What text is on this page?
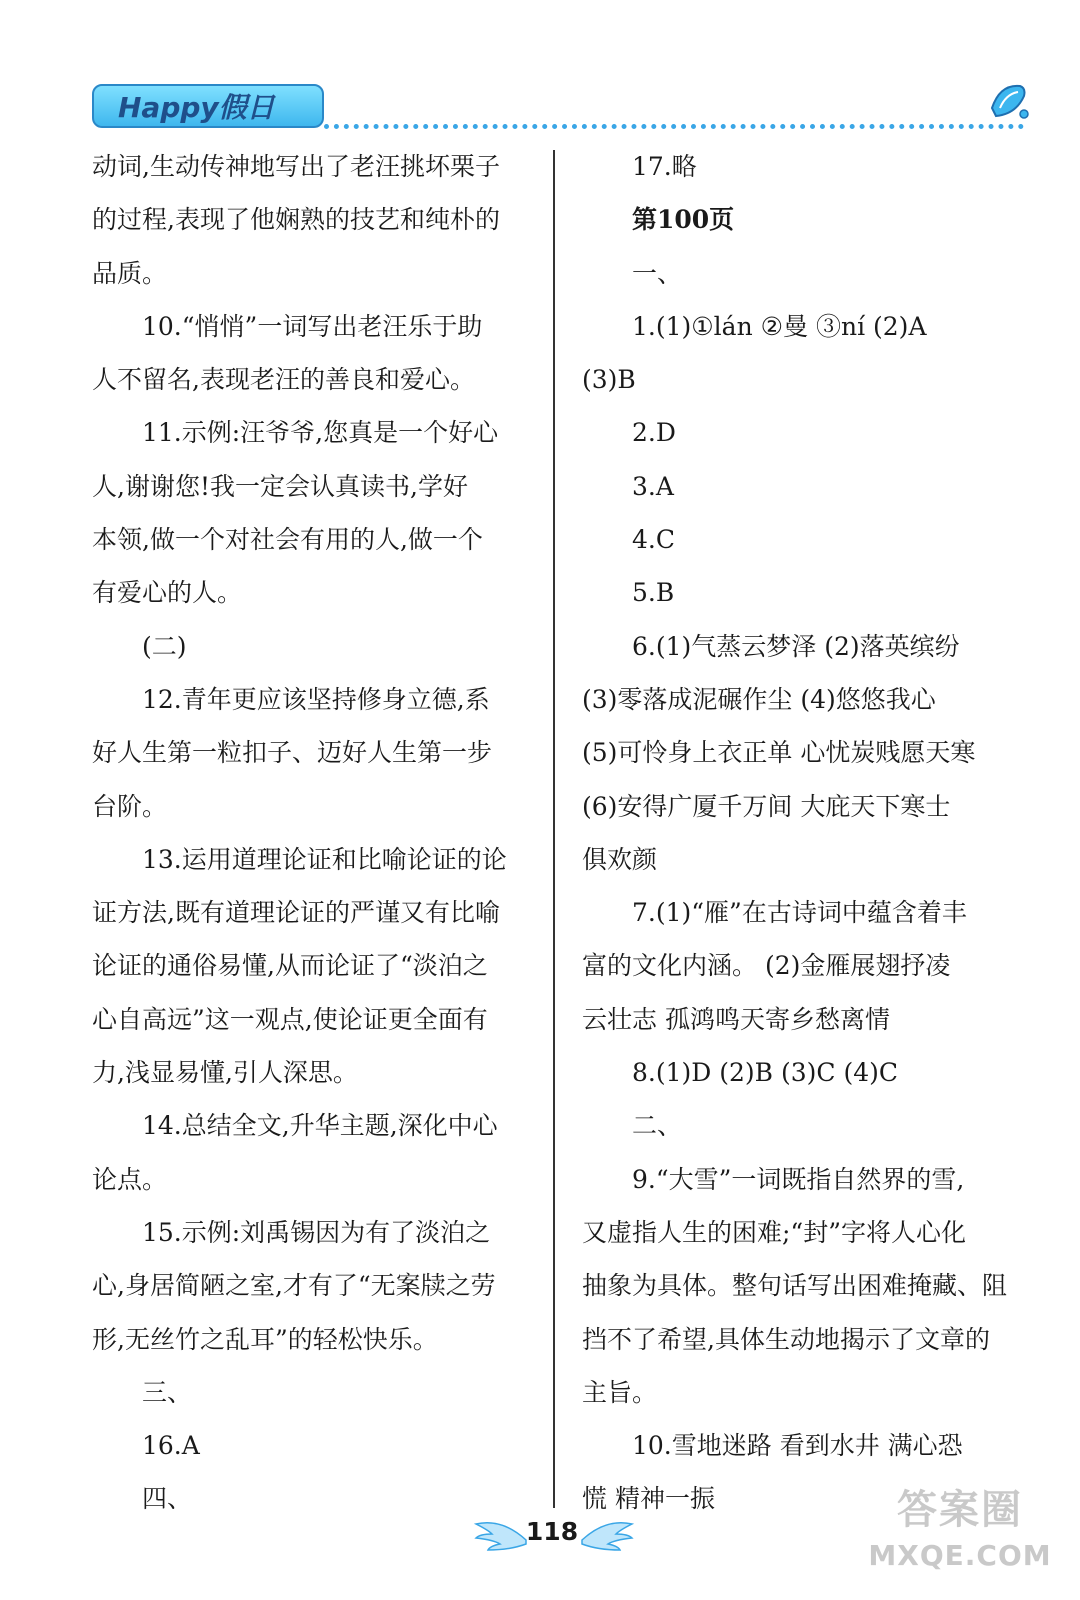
Happy假日
动词,生动传神地写出了老汪挑坏栗子
的过程,表现了他娴熟的技艺和纯朴的
品质。
10.“悄悄”一词写出老汪乐于助
人不留名,表现老汪的善良和爱心。
11.示例:汪爷爷,您真是一个好心
人,谢谢您!我一定会认真读书,学好
本领,做一个对社会有用的人,做一个
有爱心的人。
(二)
12.青年更应该坚持修身立德,系
好人生第一粒扣子、迈好人生第一步
台阶。
13.运用道理论证和比喻论证的论
证方法,既有道理论证的严谨又有比喻
论证的通俗易懂,从而论证了“淡泊之
心自高远”这一观点,使论证更全面有
力,浅显易懂,引人深思。
14.总结全文,升华主题,深化中心
论点。
15.示例:刘禹锡因为有了淡泊之
心,身居简陋之室,才有了“无案牍之劳
形,无丝竹之乱耳”的轻松快乐。
三、
16.A
四、
17.略
第100页
一、
1.(1)①lán ②曼 ③ní (2)A
(3)B
2.D
3.A
4.C
5.B
6.(1)气蒸云梦泽 (2)落英缤纷
(3)零落成泥碾作尘 (4)悠悠我心
(5)可怜身上衣正单 心忧炭贱愿天寒
(6)安得广厦千万间 大庇天下寒士
俱欢颜
7.(1)“雁”在古诗词中蕴含着丰
富的文化内涵。 (2)金雁展翅抒凌
云壮志 孤鸿鸣天寄乡愁离情
8.(1)D (2)B (3)C (4)C
二、
9.“大雪”一词既指自然界的雪,
又虚指人生的困难;“封”字将人心化
抽象为具体。整句话写出困难掩藏、阻
挡不了希望,具体生动地揭示了文章的
主旨。
10.雪地迷路 看到水井 满心恐
慌 精神一振
118	答案圈
MXQE.COM
